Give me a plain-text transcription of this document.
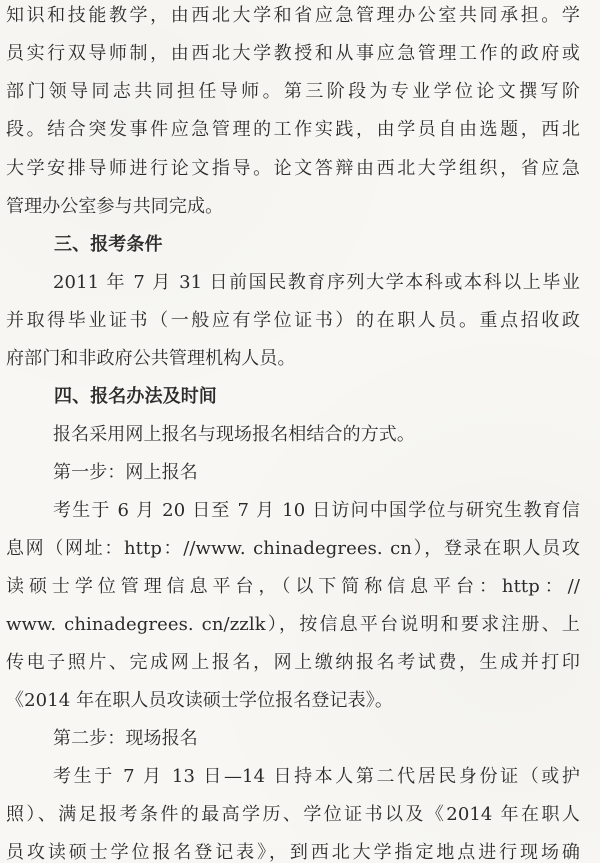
知识和技能教学，由西北大学和省应急管理办公室共同承担。学
员实行双导师制，由西北大学教授和从事应急管理工作的政府或
部门领导同志共同担任导师。第三阶段为专业学位论文撰写阶
段。结合突发事件应急管理的工作实践，由学员自由选题，西北
大学安排导师进行论文指导。论文答辩由西北大学组织，省应急
管理办公室参与共同完成。
三、报考条件
2011 年 7 月 31 日前国民教育序列大学本科或本科以上毕业
并取得毕业证书（一般应有学位证书）的在职人员。重点招收政
府部门和非政府公共管理机构人员。
四、报名办法及时间
报名采用网上报名与现场报名相结合的方式。
第一步：网上报名
考生于 6 月 20 日至 7 月 10 日访问中国学位与研究生教育信
息网（网址：http：//www. chinadegrees. cn），登录在职人员攻
读硕士学位管理信息平台，（以下简称信息平台：http：//
www. chinadegrees. cn/zzlk），按信息平台说明和要求注册、上
传电子照片、完成网上报名，网上缴纳报名考试费，生成并打印
《2014 年在职人员攻读硕士学位报名登记表》。
第二步：现场报名
考生于 7 月 13 日—14 日持本人第二代居民身份证（或护
照）、满足报考条件的最高学历、学位证书以及《2014 年在职人
员攻读硕士学位报名登记表》，到西北大学指定地点进行现场确
